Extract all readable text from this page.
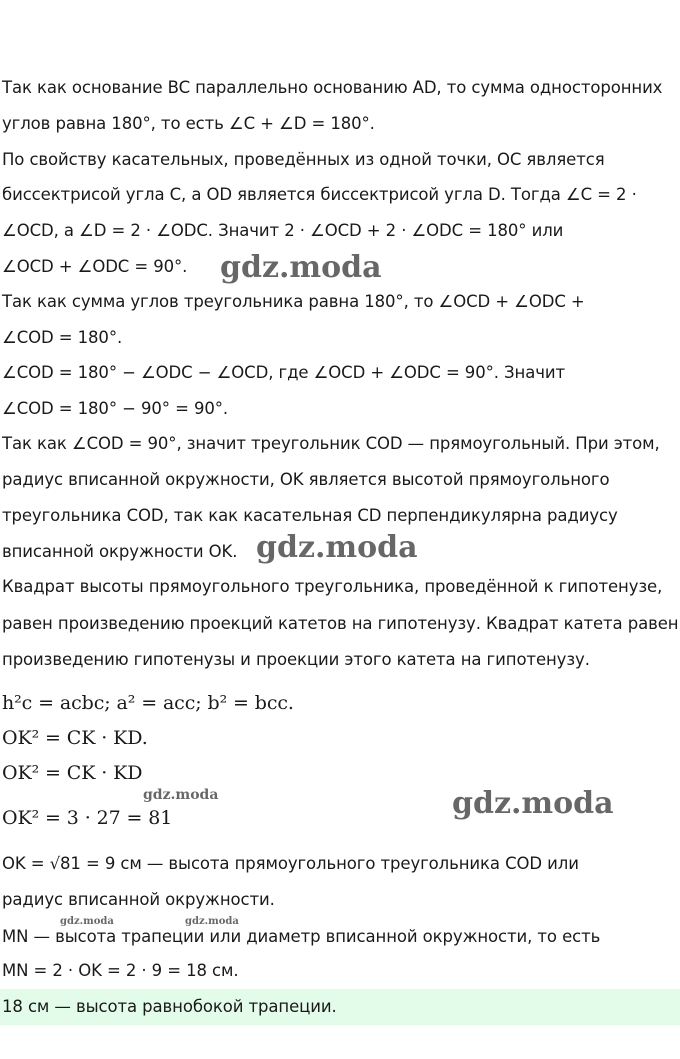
Так как основание BC параллельно основанию AD, то сумма односторонних
углов равна 180°, то есть ∠C + ∠D = 180°.
По свойству касательных, проведённых из одной точки, OC является
биссектрисой угла C, а OD является биссектрисой угла D. Тогда ∠C = 2 ·
∠OCD, а ∠D = 2 · ∠ODC. Значит 2 · ∠OCD + 2 · ∠ODC = 180° или
∠OCD + ∠ODC = 90°.
Так как сумма углов треугольника равна 180°, то ∠OCD + ∠ODC +
∠COD = 180°.
∠COD = 180° − ∠ODC − ∠OCD, где ∠OCD + ∠ODC = 90°. Значит
∠COD = 180° − 90° = 90°.
Так как ∠COD = 90°, значит треугольник COD — прямоугольный. При этом,
радиус вписанной окружности, OK является высотой прямоугольного
треугольника COD, так как касательная CD перпендикулярна радиусу
вписанной окружности OK.
Квадрат высоты прямоугольного треугольника, проведённой к гипотенузе,
равен произведению проекций катетов на гипотенузу. Квадрат катета равен
произведению гипотенузы и проекции этого катета на гипотенузу.
h²c = acbc; a² = acc; b² = bcc.
OK² = CK · KD.
OK² = CK · KD
OK² = 3 · 27 = 81
OK = √81 = 9 см — высота прямоугольного треугольника COD или
радиус вписанной окружности.
MN — высота трапеции или диаметр вписанной окружности, то есть
MN = 2 · OK = 2 · 9 = 18 см.
18 см — высота равнобокой трапеции.
gdz.moda
gdz.moda
gdz.moda
gdz.moda
gdz.moda	gdz.moda
